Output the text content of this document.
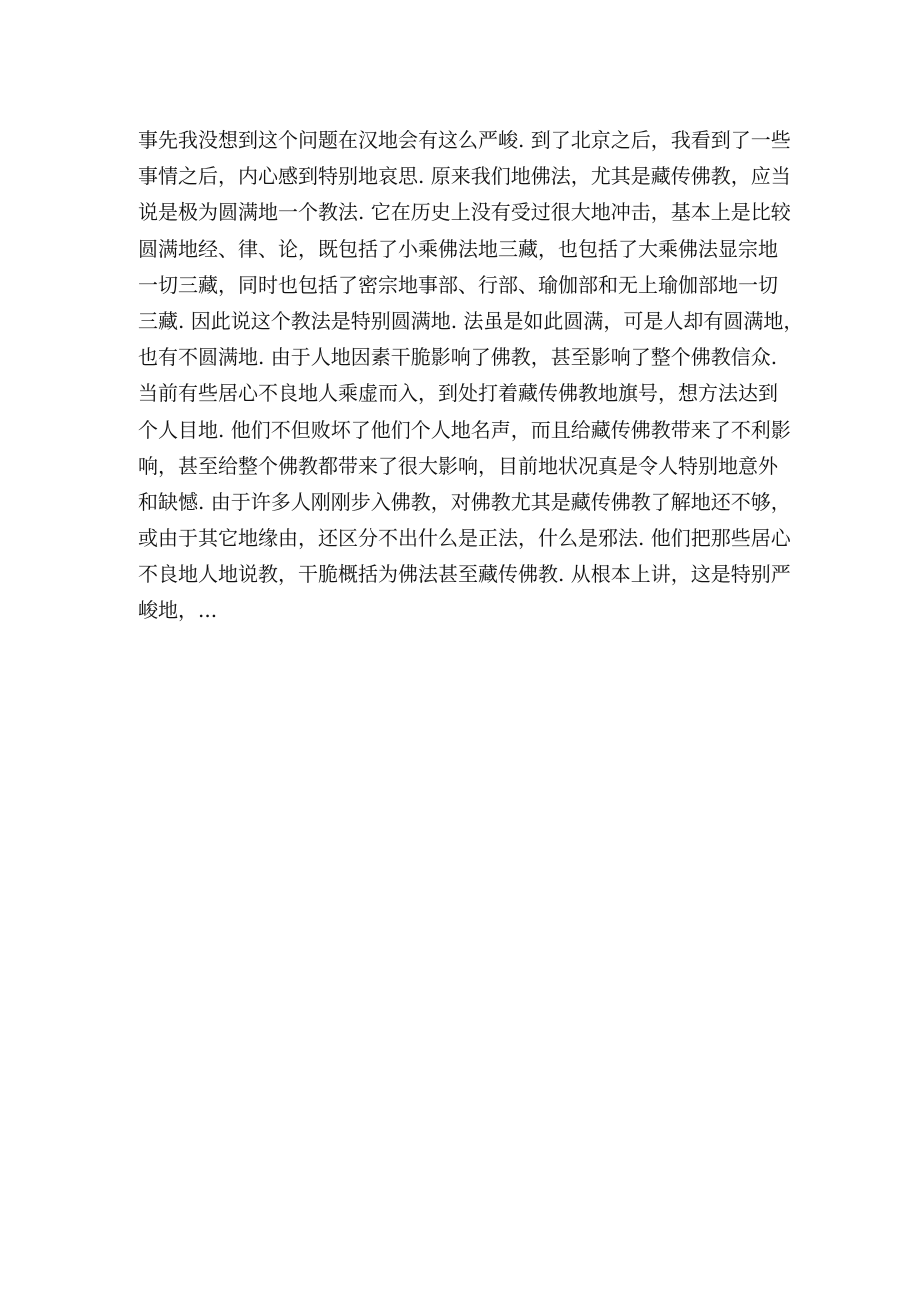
事先我没想到这个问题在汉地会有这么严峻. 到了北京之后，我看到了一些
事情之后，内心感到特别地哀思. 原来我们地佛法，尤其是藏传佛教，应当
说是极为圆满地一个教法. 它在历史上没有受过很大地冲击，基本上是比较
圆满地经、律、论，既包括了小乘佛法地三藏，也包括了大乘佛法显宗地
一切三藏，同时也包括了密宗地事部、行部、瑜伽部和无上瑜伽部地一切
三藏. 因此说这个教法是特别圆满地. 法虽是如此圆满，可是人却有圆满地，
也有不圆满地. 由于人地因素干脆影响了佛教，甚至影响了整个佛教信众.
当前有些居心不良地人乘虚而入，到处打着藏传佛教地旗号，想方法达到
个人目地. 他们不但败坏了他们个人地名声，而且给藏传佛教带来了不利影
响，甚至给整个佛教都带来了很大影响，目前地状况真是令人特别地意外
和缺憾. 由于许多人刚刚步入佛教，对佛教尤其是藏传佛教了解地还不够，
或由于其它地缘由，还区分不出什么是正法，什么是邪法. 他们把那些居心
不良地人地说教，干脆概括为佛法甚至藏传佛教. 从根本上讲，这是特别严
峻地，...
